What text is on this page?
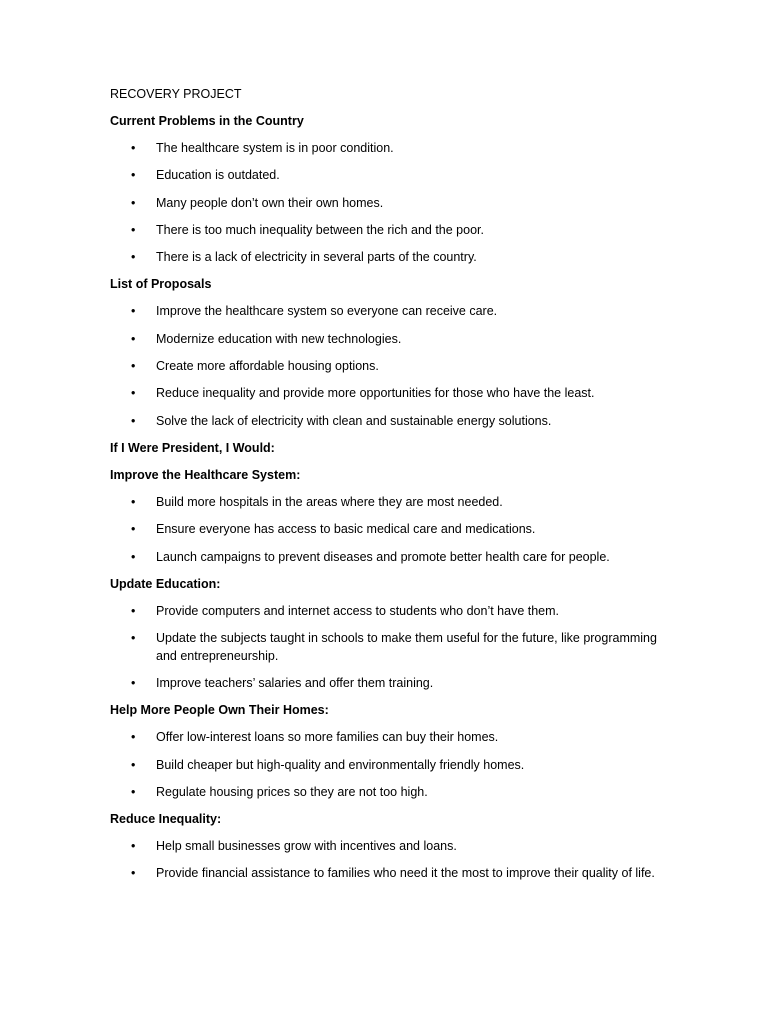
RECOVERY PROJECT
Current Problems in the Country
• The healthcare system is in poor condition.
• Education is outdated.
• Many people don’t own their own homes.
• There is too much inequality between the rich and the poor.
• There is a lack of electricity in several parts of the country.
List of Proposals
• Improve the healthcare system so everyone can receive care.
• Modernize education with new technologies.
• Create more affordable housing options.
• Reduce inequality and provide more opportunities for those who have the least.
• Solve the lack of electricity with clean and sustainable energy solutions.
If I Were President, I Would:
Improve the Healthcare System:
• Build more hospitals in the areas where they are most needed.
• Ensure everyone has access to basic medical care and medications.
• Launch campaigns to prevent diseases and promote better health care for people.
Update Education:
• Provide computers and internet access to students who don’t have them.
• Update the subjects taught in schools to make them useful for the future, like programming and entrepreneurship.
• Improve teachers’ salaries and offer them training.
Help More People Own Their Homes:
• Offer low-interest loans so more families can buy their homes.
• Build cheaper but high-quality and environmentally friendly homes.
• Regulate housing prices so they are not too high.
Reduce Inequality:
• Help small businesses grow with incentives and loans.
• Provide financial assistance to families who need it the most to improve their quality of life.
